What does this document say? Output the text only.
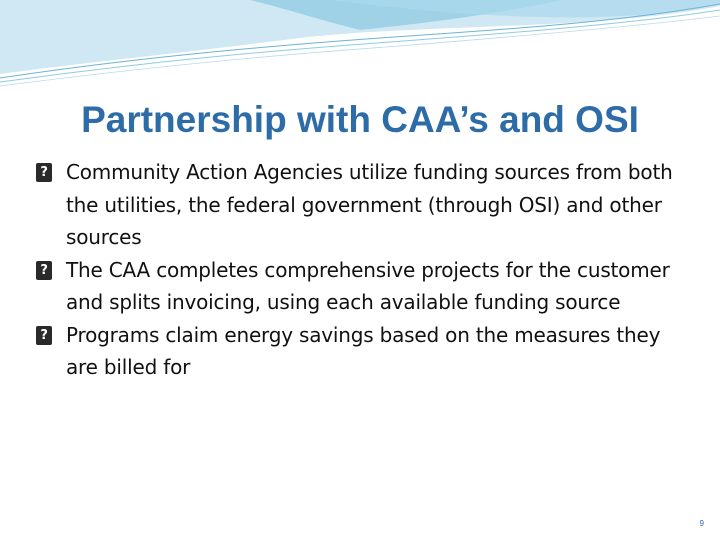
Partnership with CAA’s and OSI
? Community Action Agencies utilize funding sources from both the utilities, the federal government (through OSI) and other sources
? The CAA completes comprehensive projects for the customer and splits invoicing, using each available funding source
? Programs claim energy savings based on the measures they are billed for
9
